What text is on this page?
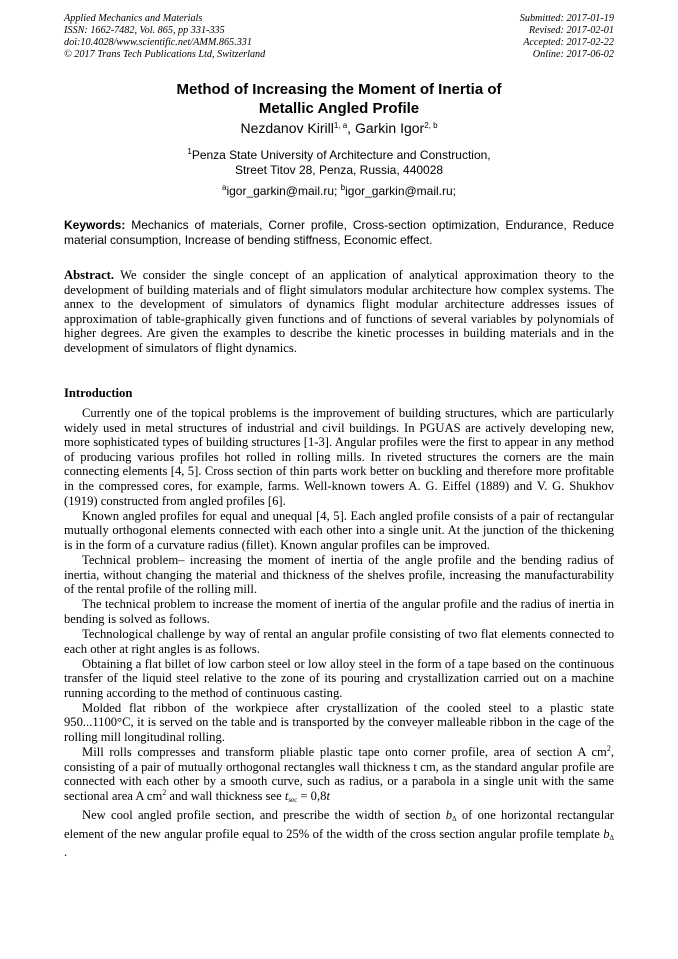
Applied Mechanics and Materials
ISSN: 1662-7482, Vol. 865, pp 331-335
doi:10.4028/www.scientific.net/AMM.865.331
© 2017 Trans Tech Publications Ltd, Switzerland
Submitted: 2017-01-19
Revised: 2017-02-01
Accepted: 2017-02-22
Online: 2017-06-02
Method of Increasing the Moment of Inertia of
Metallic Angled Profile
Nezdanov Kirill$^{1, a}$, Garkin Igor$^{2, b}$
$^1$Penza State University of Architecture and Construction,
Street Titov 28, Penza, Russia, 440028
$^a$igor_garkin@mail.ru; $^b$igor_garkin@mail.ru;
Keywords: Mechanics of materials, Corner profile, Cross-section optimization, Endurance, Reduce material consumption, Increase of bending stiffness, Economic effect.
Abstract. We consider the single concept of an application of analytical approximation theory to the development of building materials and of flight simulators modular architecture how complex systems. The annex to the development of simulators of dynamics flight modular architecture addresses issues of approximation of table-graphically given functions and of functions of several variables by polynomials of higher degrees. Are given the examples to describe the kinetic processes in building materials and in the development of simulators of flight dynamics.
Introduction

Currently one of the topical problems is the improvement of building structures, which are particularly widely used in metal structures of industrial and civil buildings. In PGUAS are actively developing new, more sophisticated types of building structures [1-3]. Angular profiles were the first to appear in any method of producing various profiles hot rolled in rolling mills. In riveted structures the corners are the main connecting elements [4, 5]. Cross section of thin parts work better on buckling and therefore more profitable in the compressed cores, for example, farms. Well-known towers A. G. Eiffel (1889) and V. G. Shukhov (1919) constructed from angled profiles [6].

Known angled profiles for equal and unequal [4, 5]. Each angled profile consists of a pair of rectangular mutually orthogonal elements connected with each other into a single unit. At the junction of the thickening is in the form of a curvature radius (fillet). Known angular profiles can be improved.

Technical problem– increasing the moment of inertia of the angle profile and the bending radius of inertia, without changing the material and thickness of the shelves profile, increasing the manufacturability of the rental profile of the rolling mill.

The technical problem to increase the moment of inertia of the angular profile and the radius of inertia in bending is solved as follows.

Technological challenge by way of rental an angular profile consisting of two flat elements connected to each other at right angles is as follows.

Obtaining a flat billet of low carbon steel or low alloy steel in the form of a tape based on the continuous transfer of the liquid steel relative to the zone of its pouring and crystallization carried out on a machine running according to the method of continuous casting.

Molded flat ribbon of the workpiece after crystallization of the cooled steel to a plastic state 950...1100°C, it is served on the table and is transported by the conveyer malleable ribbon in the cage of the rolling mill longitudinal rolling.

Mill rolls compresses and transform pliable plastic tape onto corner profile, area of section A $cm^2$, consisting of a pair of mutually orthogonal rectangles wall thickness t cm, as the standard angular profile are connected with each other by a smooth curve, such as radius, or a parabola in a single unit with the same sectional area A $cm^2$ and wall thickness see $t_{sec} = 0,8t$

New cool angled profile section, and prescribe the width of section $b_\Delta$ of one horizontal rectangular element of the new angular profile equal to 25% of the width of the cross section angular profile template $b_\Delta$ .
